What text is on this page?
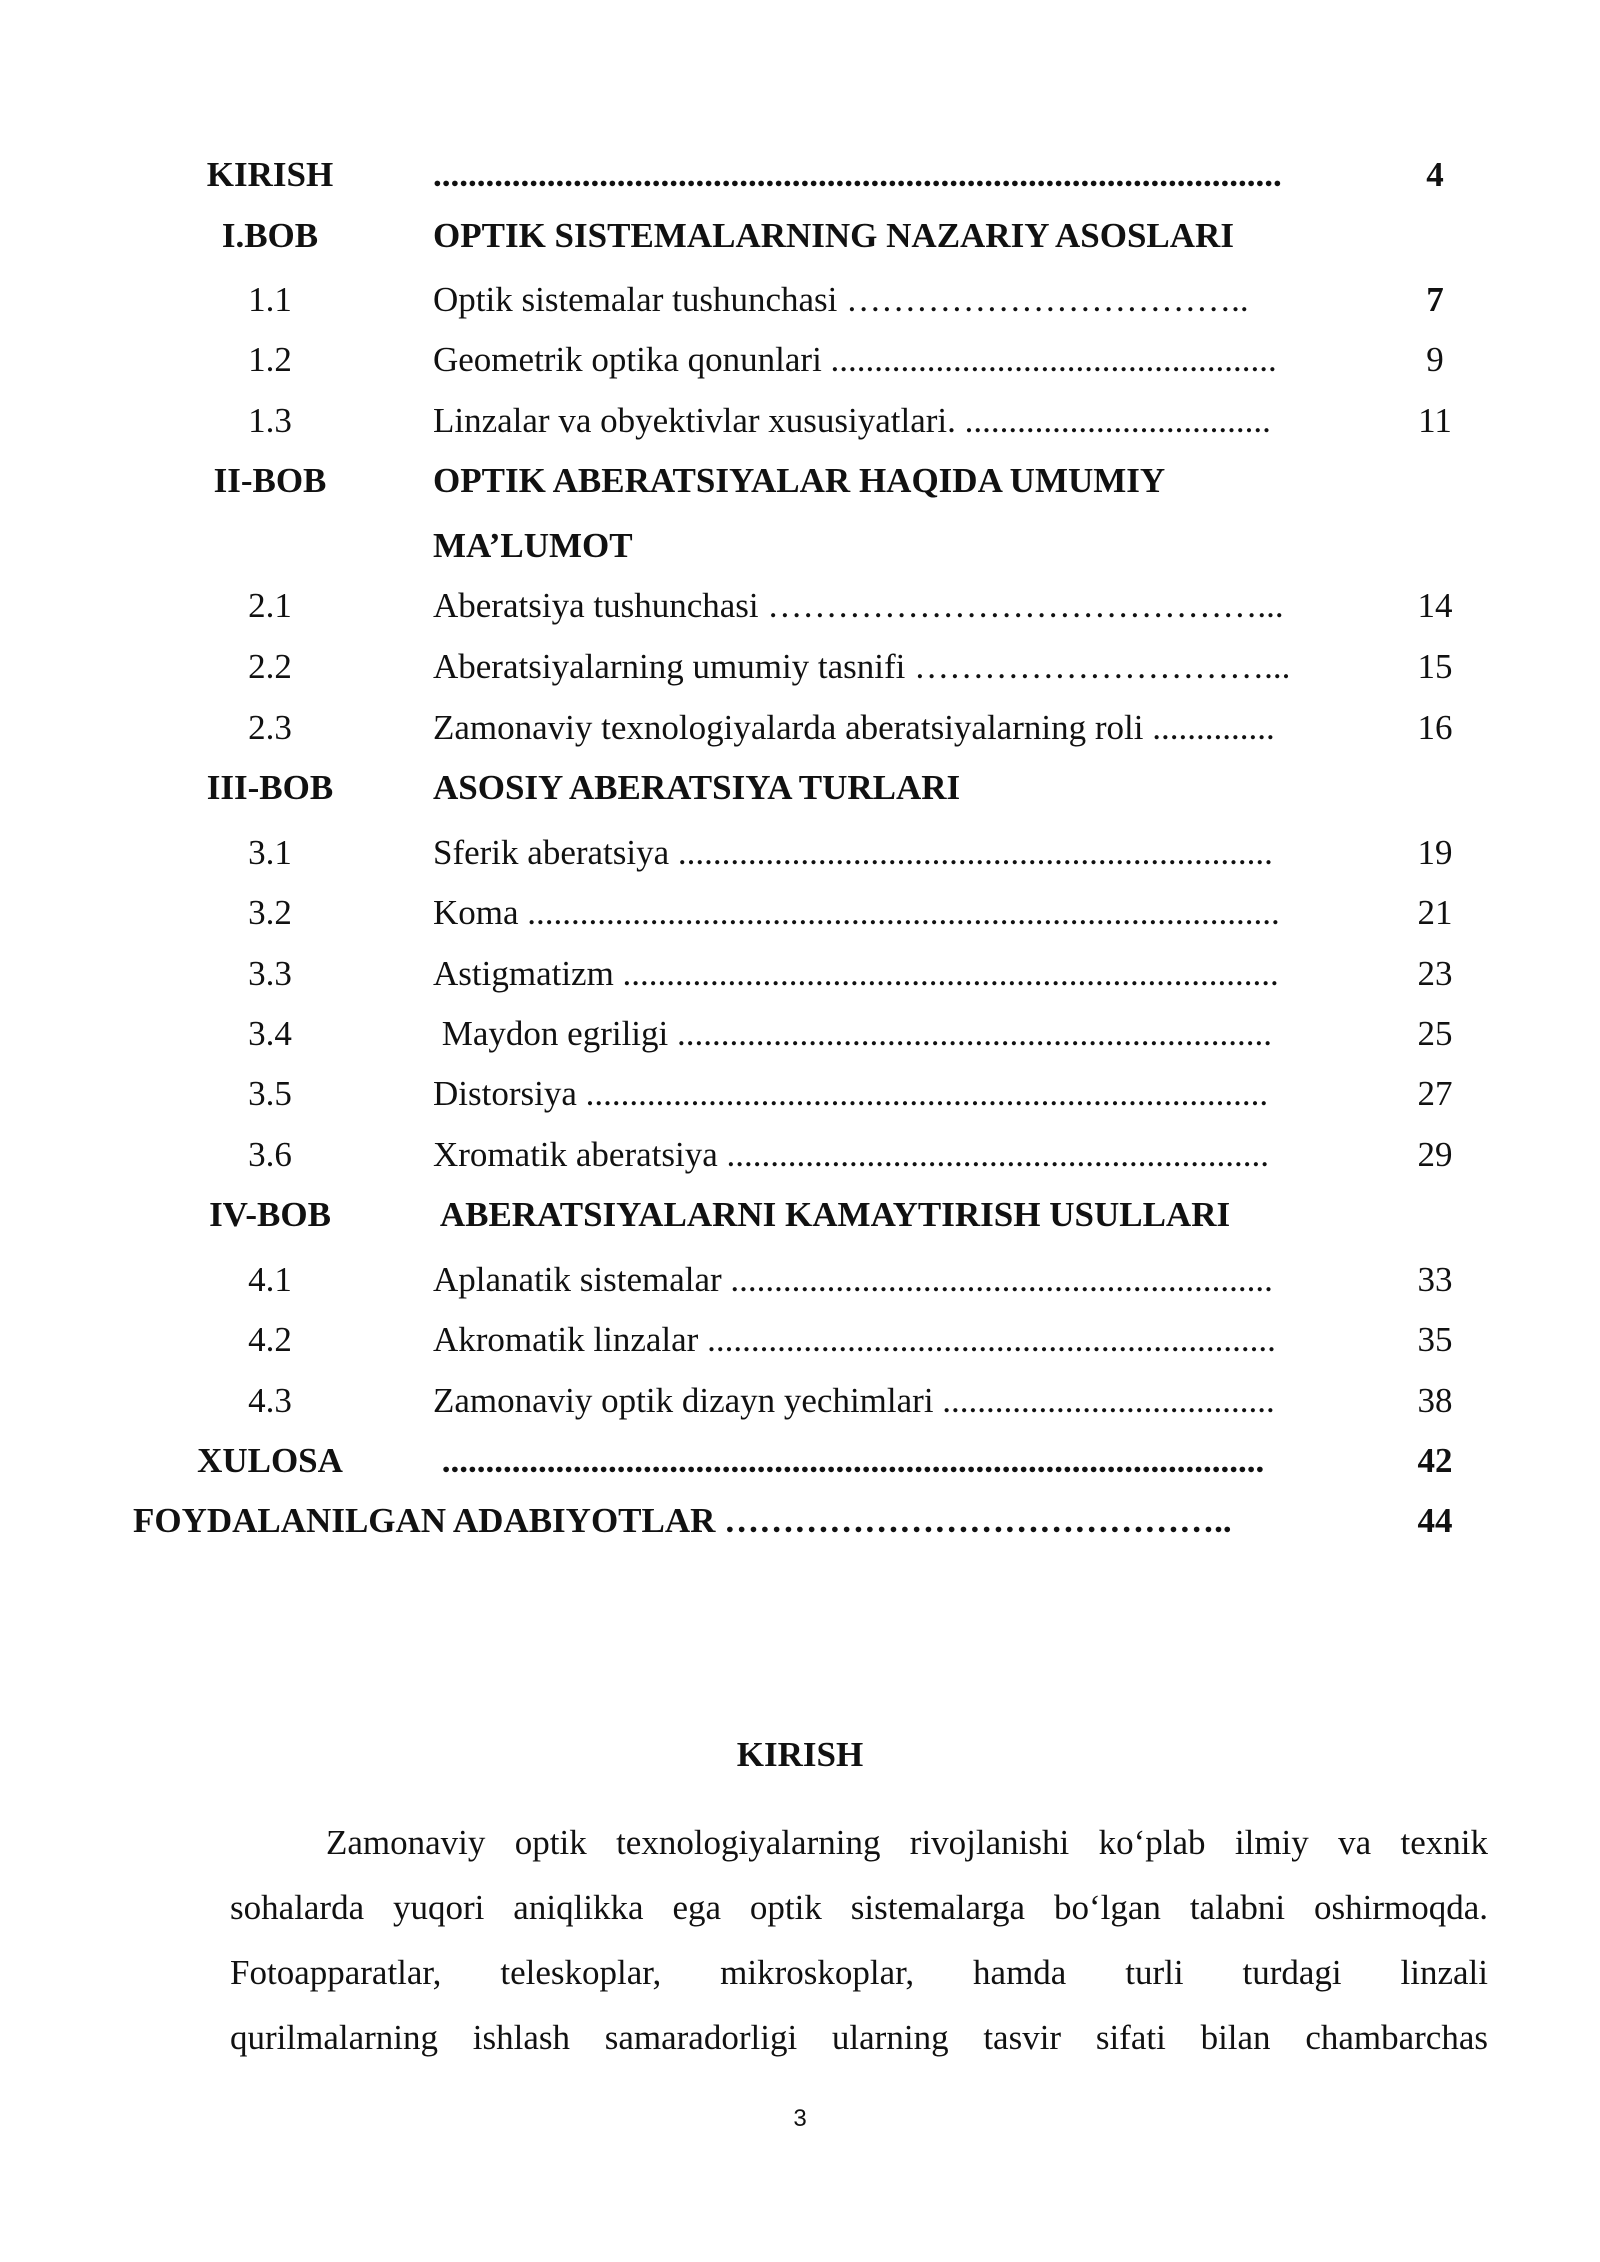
KIRISH	.................................................................................................	4
I.BOB	OPTIK SISTEMALARNING NAZARIY ASOSLARI
1.1	Optik sistemalar tushunchasi ……………………………..	7
1.2	Geometrik optika qonunlari ...................................................	9
1.3	Linzalar va obyektivlar xususiyatlari. ...................................	11
II-BOB	OPTIK ABERATSIYALAR HAQIDA UMUMIY
MA’LUMOT
2.1	Aberatsiya tushunchasi ……………………………………...	14
2.2	Aberatsiyalarning umumiy tasnifi …………………………...	15
2.3	Zamonaviy texnologiyalarda aberatsiyalarning roli ..............	16
III-BOB	ASOSIY ABERATSIYA TURLARI
3.1	Sferik aberatsiya ....................................................................	19
3.2	Koma ......................................................................................	21
3.3	Astigmatizm ...........................................................................	23
3.4	Maydon egriligi ....................................................................	25
3.5	Distorsiya ..............................................................................	27
3.6	Xromatik aberatsiya ..............................................................	29
IV-BOB	ABERATSIYALARNI KAMAYTIRISH USULLARI
4.1	Aplanatik sistemalar ..............................................................	33
4.2	Akromatik linzalar .................................................................	35
4.3	Zamonaviy optik dizayn yechimlari ......................................	38
XULOSA	..............................................................................................	42
FOYDALANILGAN ADABIYOTLAR ……………………………………..	44
KIRISH
Zamonaviy optik texnologiyalarning rivojlanishi ko‘plab ilmiy va texnik
sohalarda yuqori aniqlikka ega optik sistemalarga bo‘lgan talabni oshirmoqda.
Fotoapparatlar, teleskoplar, mikroskoplar, hamda turli turdagi linzali
qurilmalarning ishlash samaradorligi ularning tasvir sifati bilan chambarchas
3
